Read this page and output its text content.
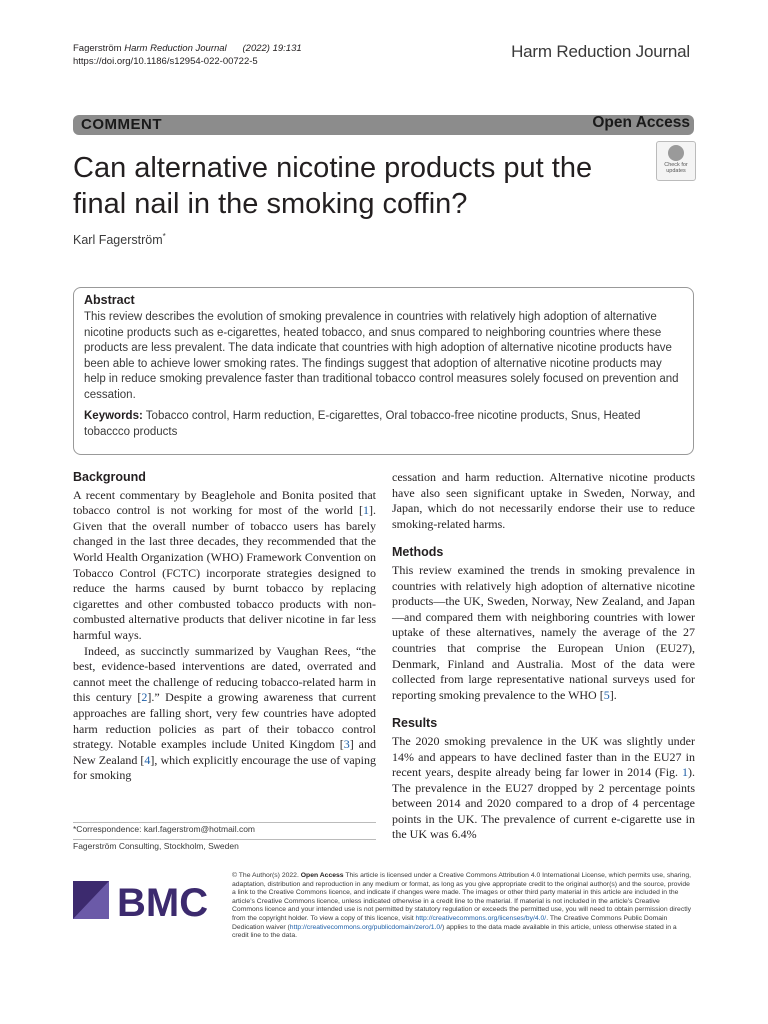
Fagerström Harm Reduction Journal (2022) 19:131
https://doi.org/10.1186/s12954-022-00722-5
Harm Reduction Journal
COMMENT	Open Access
Can alternative nicotine products put the final nail in the smoking coffin?
Check for updates
Karl Fagerström*
Abstract

This review describes the evolution of smoking prevalence in countries with relatively high adoption of alternative nicotine products such as e-cigarettes, heated tobacco, and snus compared to neighboring countries where these products are less prevalent. The data indicate that countries with high adoption of alternative nicotine products have been able to achieve lower smoking rates. The findings suggest that adoption of alternative nicotine products may help in reduce smoking prevalence faster than traditional tobacco control measures solely focused on prevention and cessation.

Keywords: Tobacco control, Harm reduction, E-cigarettes, Oral tobacco-free nicotine products, Snus, Heated tobaccco products

Background

A recent commentary by Beaglehole and Bonita posited that tobacco control is not working for most of the world [1]. Given that the overall number of tobacco users has barely changed in the last three decades, they recommended that the World Health Organization (WHO) Framework Convention on Tobacco Control (FCTC) incorporate strategies designed to reduce the harms caused by burnt tobacco by replacing cigarettes and other combusted tobacco products with non-combusted alternative products that deliver nicotine in far less harmful ways.

Indeed, as succinctly summarized by Vaughan Rees, “the best, evidence-based interventions are dated, overrated and cannot meet the challenge of reducing tobacco-related harm in this century [2].” Despite a growing awareness that current approaches are falling short, very few countries have adopted harm reduction policies as part of their tobacco control strategy. Notable examples include United Kingdom [3] and New Zealand [4], which explicitly encourage the use of vaping for smoking

cessation and harm reduction. Alternative nicotine products have also seen significant uptake in Sweden, Norway, and Japan, which do not necessarily endorse their use to reduce smoking-related harms.

Methods

This review examined the trends in smoking prevalence in countries with relatively high adoption of alternative nicotine products—the UK, Sweden, Norway, New Zealand, and Japan—and compared them with neighboring countries with lower uptake of these alternatives, namely the average of the 27 countries that comprise the European Union (EU27), Denmark, Finland and Australia. Most of the data were collected from large representative national surveys used for reporting smoking prevalence to the WHO [5].

Results

The 2020 smoking prevalence in the UK was slightly under 14% and appears to have declined faster than in the EU27 in recent years, despite already being far lower in 2014 (Fig. 1). The prevalence in the EU27 dropped by 2 percentage points between 2014 and 2020 compared to a drop of 4 percentage points in the UK. The prevalence of current e-cigarette use in the UK was 6.4%

*Correspondence: karl.fagerstrom@hotmail.com
Fagerström Consulting, Stockholm, Sweden
BMC
© The Author(s) 2022. Open Access This article is licensed under a Creative Commons Attribution 4.0 International License, which permits use, sharing, adaptation, distribution and reproduction in any medium or format, as long as you give appropriate credit to the original author(s) and the source, provide a link to the Creative Commons licence, and indicate if changes were made. The images or other third party material in this article are included in the article’s Creative Commons licence, unless indicated otherwise in a credit line to the material. If material is not included in the article’s Creative Commons licence and your intended use is not permitted by statutory regulation or exceeds the permitted use, you will need to obtain permission directly from the copyright holder. To view a copy of this licence, visit http://creativecommons.org/licenses/by/4.0/. The Creative Commons Public Domain Dedication waiver (http://creativecommons.org/publicdomain/zero/1.0/) applies to the data made available in this article, unless otherwise stated in a credit line to the data.
